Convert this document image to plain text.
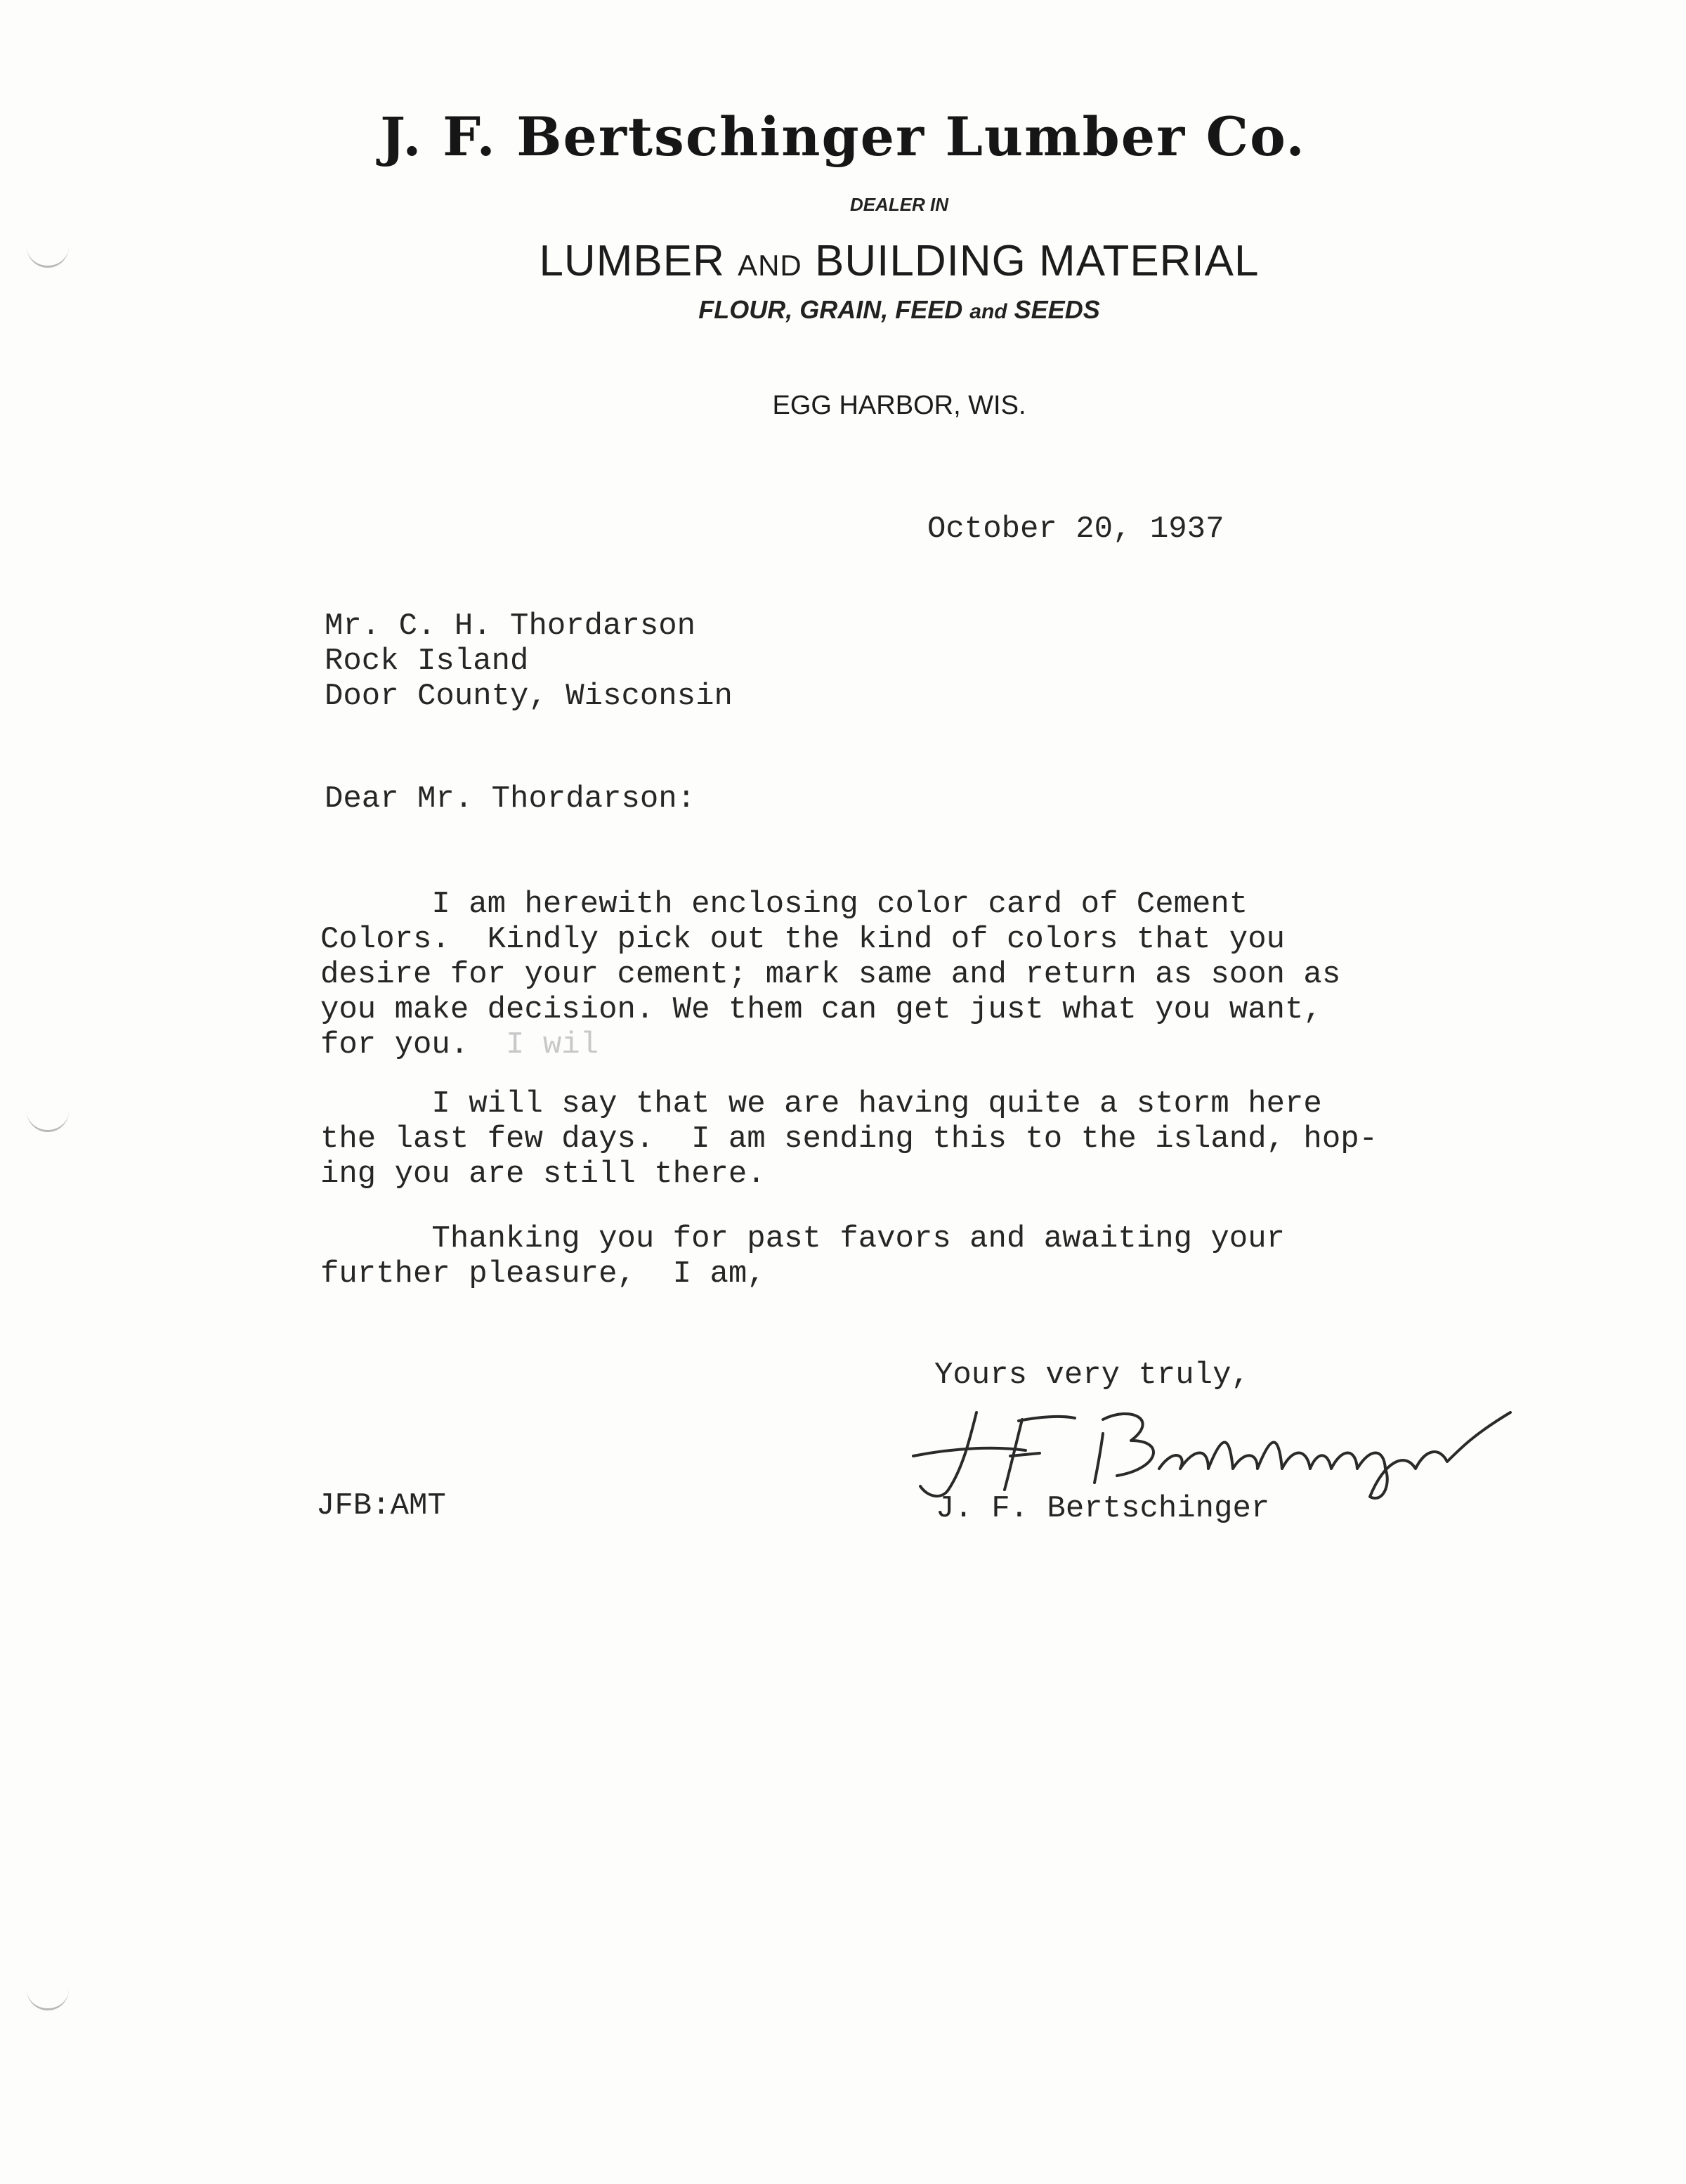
J. F. Bertschinger Lumber Co.
DEALER IN
LUMBER AND BUILDING MATERIAL
FLOUR, GRAIN, FEED and SEEDS
EGG HARBOR, WIS.
October 20, 1937
Mr. C. H. Thordarson
Rock Island
Door County, Wisconsin
Dear Mr. Thordarson:
I am herewith enclosing color card of Cement
Colors.  Kindly pick out the kind of colors that you
desire for your cement; mark same and return as soon as
you make decision. We them can get just what you want,
for you. I wil
I will say that we are having quite a storm here
the last few days.  I am sending this to the island, hop-
ing you are still there.
Thanking you for past favors and awaiting your
further pleasure,  I am,
Yours very truly,
JFB:AMT	J. F. Bertschinger
